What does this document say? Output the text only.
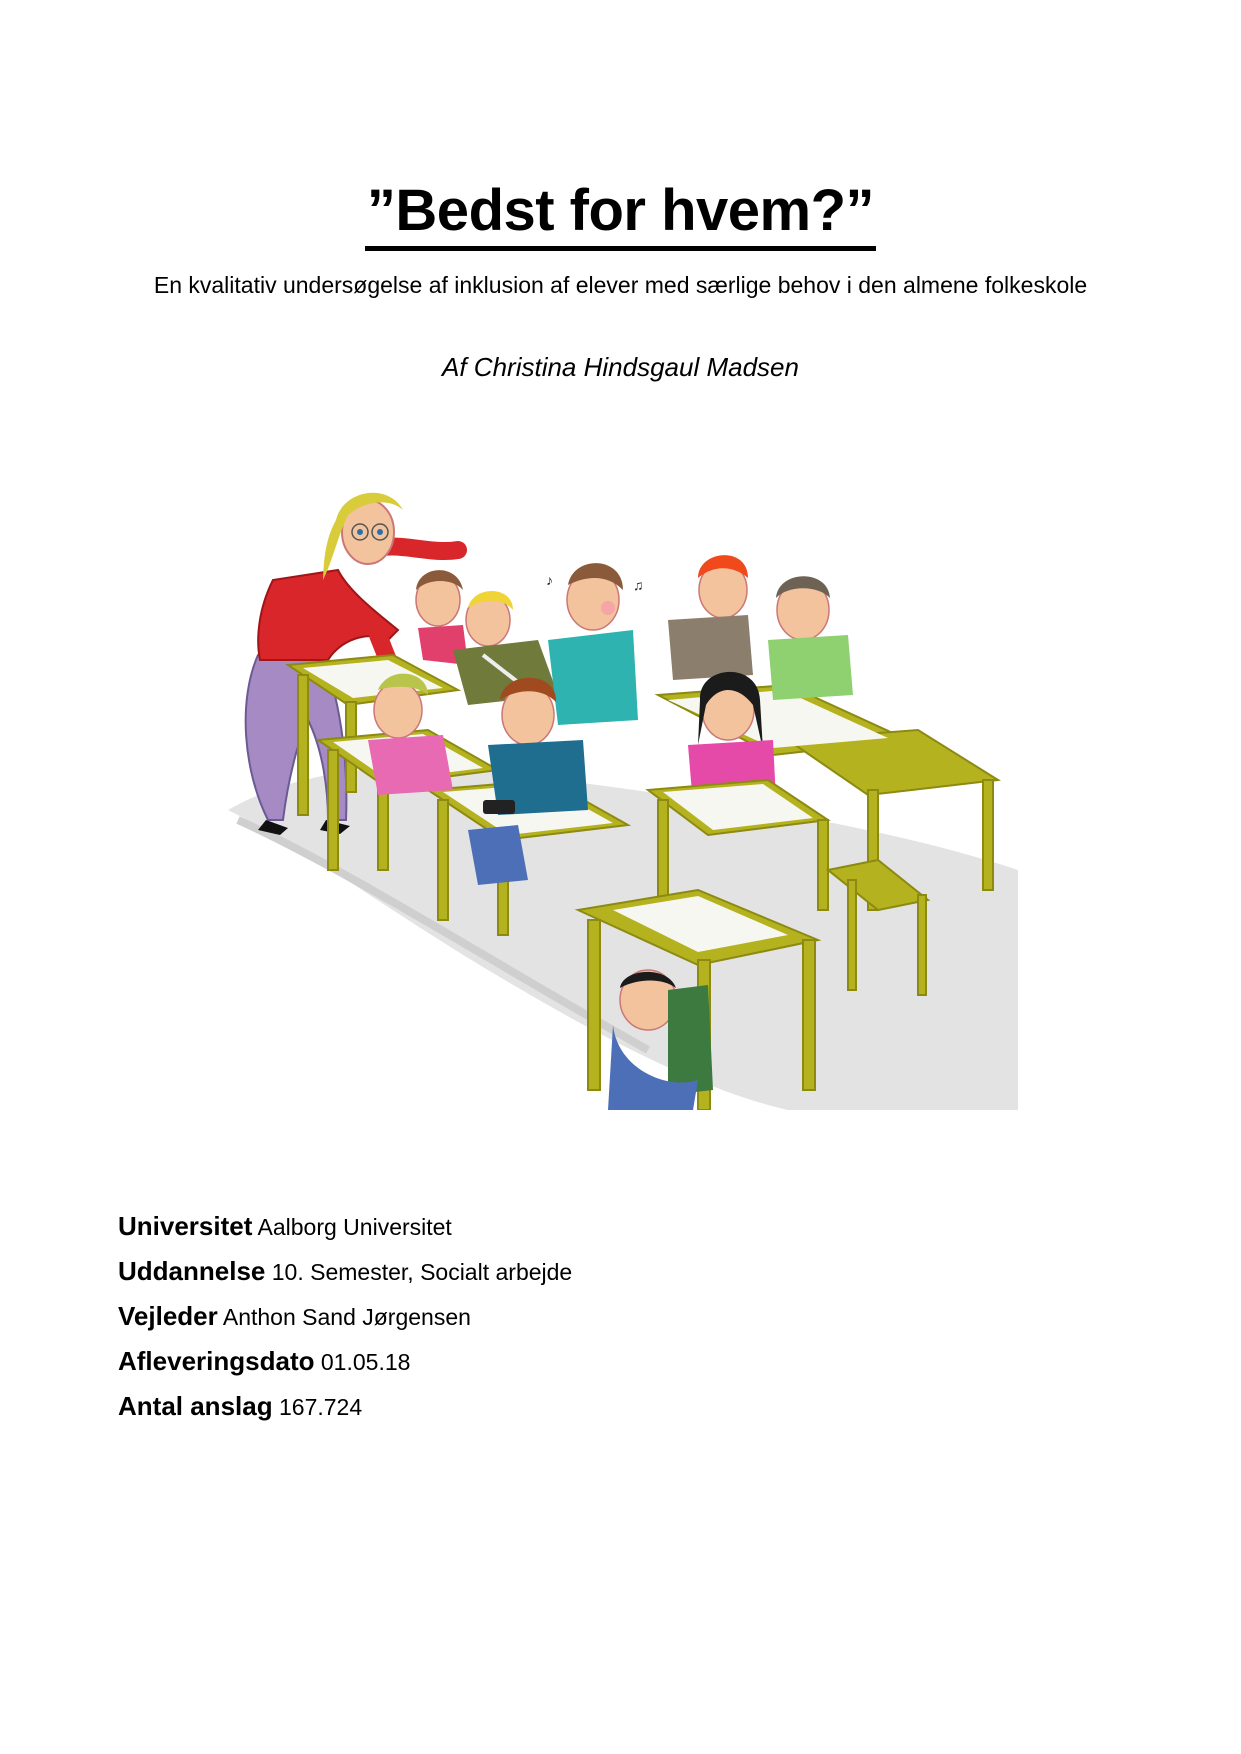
”Bedst for hvem?”
En kvalitativ undersøgelse af inklusion af elever med særlige behov i den almene folkeskole
Af Christina Hindsgaul Madsen
♪	♫
Universitet Aalborg Universitet
Uddannelse 10. Semester, Socialt arbejde
Vejleder Anthon Sand Jørgensen
Afleveringsdato 01.05.18
Antal anslag 167.724
